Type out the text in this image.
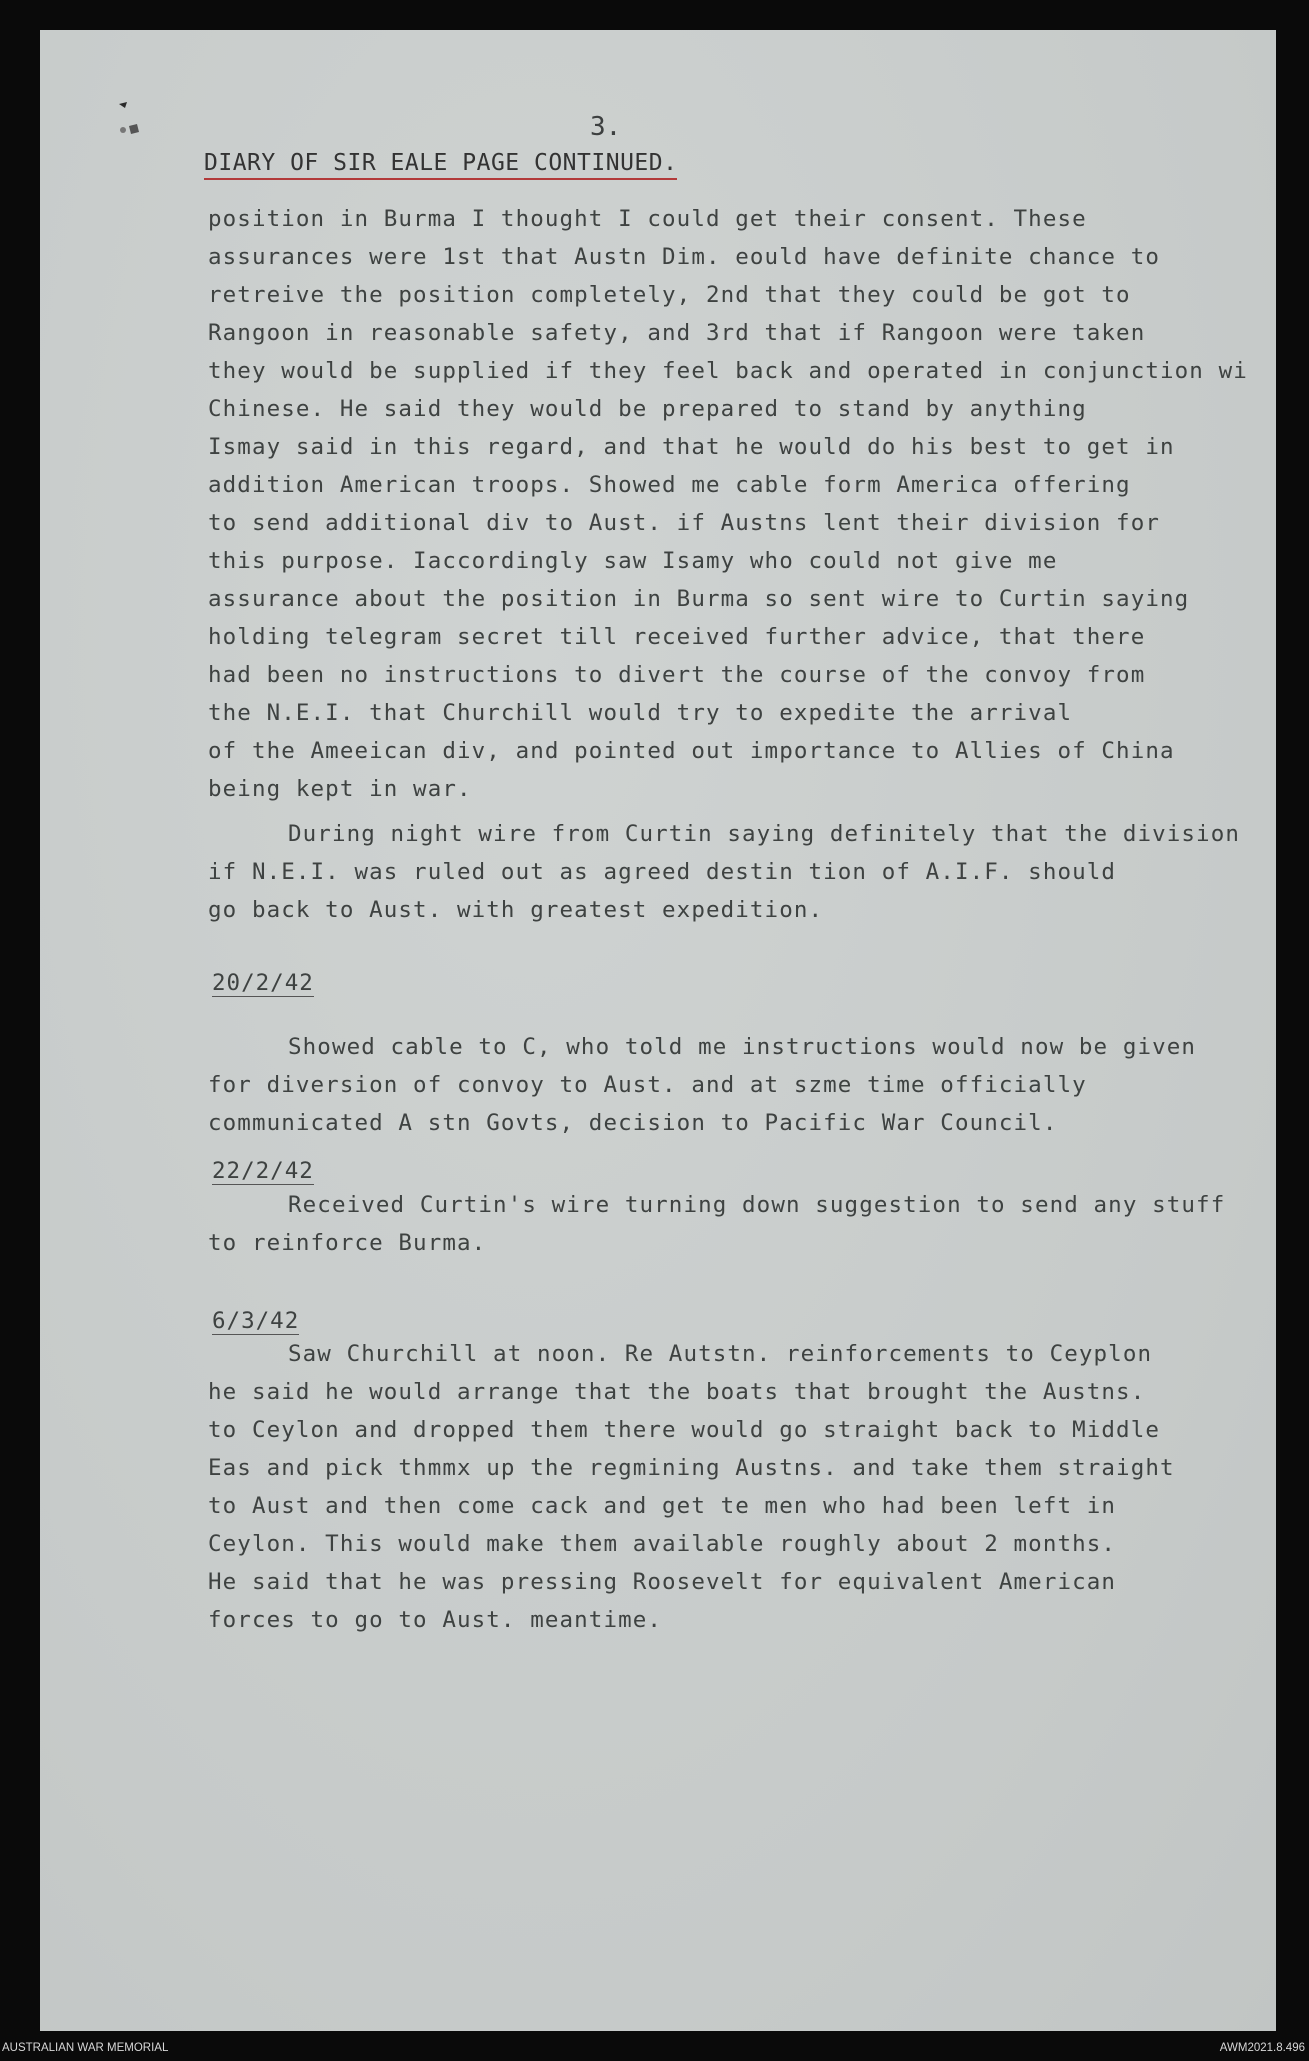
3.
DIARY OF SIR EALE PAGE CONTINUED.
position in Burma I thought I could get their consent. These
assurances were 1st that Austn Dim. eould have definite chance to
retreive the position completely, 2nd that they could be got to
Rangoon in reasonable safety, and 3rd that if Rangoon were taken
they would be supplied if they feel back and operated in conjunction wi
Chinese. He said they would be prepared to stand by anything
Ismay said in this regard, and that he would do his best to get in
addition American troops. Showed me cable form America offering
to send additional div to Aust. if Austns lent their division for
this purpose. Iaccordingly saw Isamy who could not give me
assurance about the position in Burma so sent wire to Curtin saying
holding telegram secret till received further advice, that there
had been no instructions to divert the course of the convoy from
the N.E.I. that Churchill would try to expedite the arrival
of the Ameeican div, and pointed out importance to Allies of China
being kept in war.
During night wire from Curtin saying definitely that the division
if N.E.I. was ruled out as agreed destin tion of A.I.F. should
go back to Aust. with greatest expedition.
20/2/42
Showed cable to C, who told me instructions would now be given
for diversion of convoy to Aust. and at szme time officially
communicated A stn Govts, decision to Pacific War Council.
22/2/42
Received Curtin's wire turning down suggestion to send any stuff
to reinforce Burma.
6/3/42
Saw Churchill at noon. Re Autstn. reinforcements to Ceyplon
he said he would arrange that the boats that brought the Austns.
to Ceylon and dropped them there would go straight back to Middle
Eas and pick thmmx up the regmining Austns. and take them straight
to Aust and then come cack and get te men who had been left in
Ceylon. This would make them available roughly about 2 months.
He said that he was pressing Roosevelt for equivalent American
forces to go to Aust. meantime.
AUSTRALIAN WAR MEMORIAL	AWM2021.8.496
